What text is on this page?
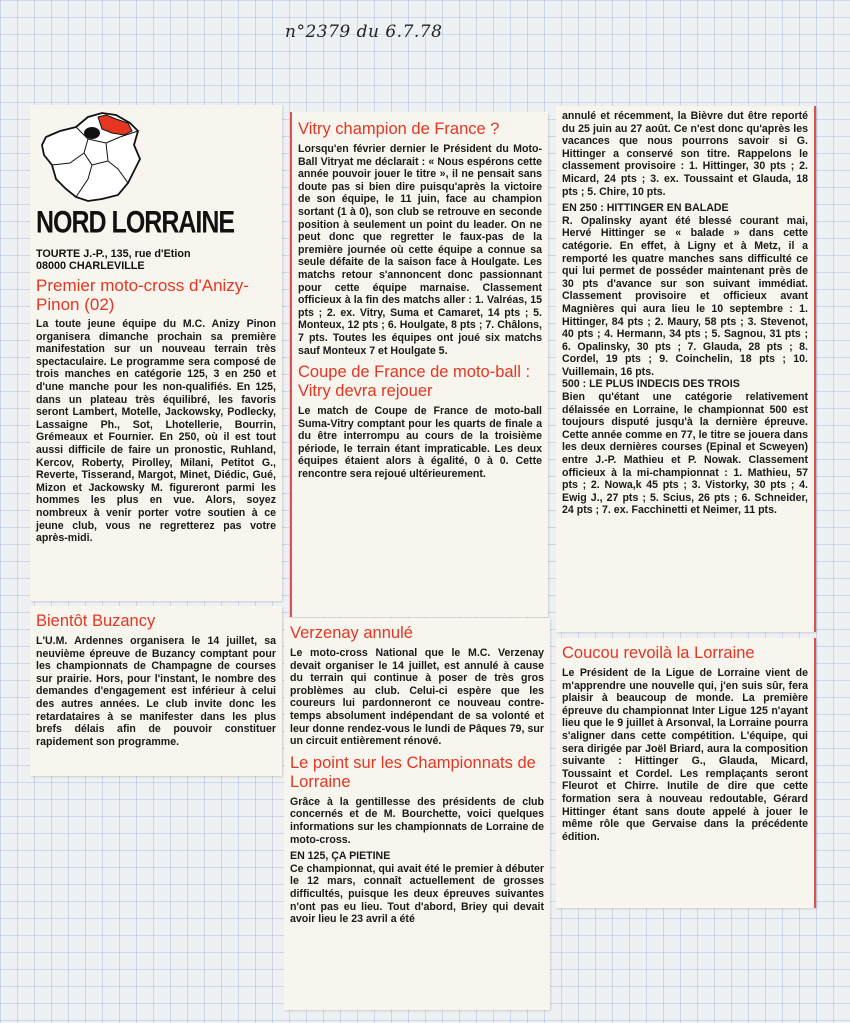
n°2379 du 6.7.78
NORD LORRAINE
TOURTE J.-P., 135, rue d'Etion
08000 CHARLEVILLE
Premier moto-cross d'Anizy-Pinon (02)

La toute jeune équipe du M.C. Anizy Pinon organisera dimanche prochain sa première manifestation sur un nouveau terrain très spectaculaire. Le programme sera composé de trois manches en catégorie 125, 3 en 250 et d'une manche pour les non-qualifiés. En 125, dans un plateau très équilibré, les favoris seront Lambert, Motelle, Jackowsky, Podlecky, Lassaigne Ph., Sot, Lhotellerie, Bourrin, Grémeaux et Fournier. En 250, où il est tout aussi difficile de faire un pronostic, Ruhland, Kercov, Roberty, Pirolley, Milani, Petitot G., Reverte, Tisserand, Margot, Minet, Diédic, Gué, Mizon et Jackowsky M. figureront parmi les hommes les plus en vue. Alors, soyez nombreux à venir porter votre soutien à ce jeune club, vous ne regretterez pas votre après-midi.

Bientôt Buzancy

L'U.M. Ardennes organisera le 14 juillet, sa neuvième épreuve de Buzancy comptant pour les championnats de Champagne de courses sur prairie. Hors, pour l'instant, le nombre des demandes d'engagement est inférieur à celui des autres années. Le club invite donc les retardataires à se manifester dans les plus brefs délais afin de pouvoir constituer rapidement son programme.

Vitry champion de France ?

Lorsqu'en février dernier le Président du Moto-Ball Vitryat me déclarait : « Nous espérons cette année pouvoir jouer le titre », il ne pensait sans doute pas si bien dire puisqu'après la victoire de son équipe, le 11 juin, face au champion sortant (1 à 0), son club se retrouve en seconde position à seulement un point du leader. On ne peut donc que regretter le faux-pas de la première journée où cette équipe a connue sa seule défaite de la saison face à Houlgate. Les matchs retour s'annoncent donc passionnant pour cette équipe marnaise. Classement officieux à la fin des matchs aller : 1. Valréas, 15 pts ; 2. ex. Vitry, Suma et Camaret, 14 pts ; 5. Monteux, 12 pts ; 6. Houlgate, 8 pts ; 7. Châlons, 7 pts. Toutes les équipes ont joué six matchs sauf Monteux 7 et Houlgate 5.

Coupe de France de moto-ball : Vitry devra rejouer

Le match de Coupe de France de moto-ball Suma-Vitry comptant pour les quarts de finale a du être interrompu au cours de la troisième période, le terrain étant impraticable. Les deux équipes étaient alors à égalité, 0 à 0. Cette rencontre sera rejoué ultérieurement.

Verzenay annulé

Le moto-cross National que le M.C. Verzenay devait organiser le 14 juillet, est annulé à cause du terrain qui continue à poser de très gros problèmes au club. Celui-ci espère que les coureurs lui pardonneront ce nouveau contre-temps absolument indépendant de sa volonté et leur donne rendez-vous le lundi de Pâques 79, sur un circuit entièrement rénové.

Le point sur les Championnats de Lorraine

Grâce à la gentillesse des présidents de club concernés et de M. Bourchette, voici quelques informations sur les championnats de Lorraine de moto-cross.

EN 125, ÇA PIETINE

Ce championnat, qui avait été le premier à débuter le 12 mars, connaît actuellement de grosses difficultés, puisque les deux épreuves suivantes n'ont pas eu lieu. Tout d'abord, Briey qui devait avoir lieu le 23 avril a été

annulé et récemment, la Bièvre dut être reporté du 25 juin au 27 août. Ce n'est donc qu'après les vacances que nous pourrons savoir si G. Hittinger a conservé son titre. Rappelons le classement provisoire : 1. Hittinger, 30 pts ; 2. Micard, 24 pts ; 3. ex. Toussaint et Glauda, 18 pts ; 5. Chire, 10 pts.

EN 250 : HITTINGER EN BALADE

R. Opalinsky ayant été blessé courant mai, Hervé Hittinger se « balade » dans cette catégorie. En effet, à Ligny et à Metz, il a remporté les quatre manches sans difficulté ce qui lui permet de posséder maintenant près de 30 pts d'avance sur son suivant immédiat. Classement provisoire et officieux avant Magnières qui aura lieu le 10 septembre : 1. Hittinger, 84 pts ; 2. Maury, 58 pts ; 3. Stevenot, 40 pts ; 4. Hermann, 34 pts ; 5. Sagnou, 31 pts ; 6. Opalinsky, 30 pts ; 7. Glauda, 28 pts ; 8. Cordel, 19 pts ; 9. Coinchelin, 18 pts ; 10. Vuillemain, 16 pts.

500 : LE PLUS INDECIS DES TROIS

Bien qu'étant une catégorie relativement délaissée en Lorraine, le championnat 500 est toujours disputé jusqu'à la dernière épreuve. Cette année comme en 77, le titre se jouera dans les deux dernières courses (Epinal et Scweyen) entre J.-P. Mathieu et P. Nowak. Classement officieux à la mi-championnat : 1. Mathieu, 57 pts ; 2. Nowa,k 45 pts ; 3. Vistorky, 30 pts ; 4. Ewig J., 27 pts ; 5. Scius, 26 pts ; 6. Schneider, 24 pts ; 7. ex. Facchinetti et Neimer, 11 pts.

Coucou revoilà la Lorraine

Le Président de la Ligue de Lorraine vient de m'apprendre une nouvelle qui, j'en suis sûr, fera plaisir à beaucoup de monde. La première épreuve du championnat Inter Ligue 125 n'ayant lieu que le 9 juillet à Arsonval, la Lorraine pourra s'aligner dans cette compétition. L'équipe, qui sera dirigée par Joël Briard, aura la composition suivante : Hittinger G., Glauda, Micard, Toussaint et Cordel. Les remplaçants seront Fleurot et Chirre. Inutile de dire que cette formation sera à nouveau redoutable, Gérard Hittinger étant sans doute appelé à jouer le même rôle que Gervaise dans la précédente édition.
